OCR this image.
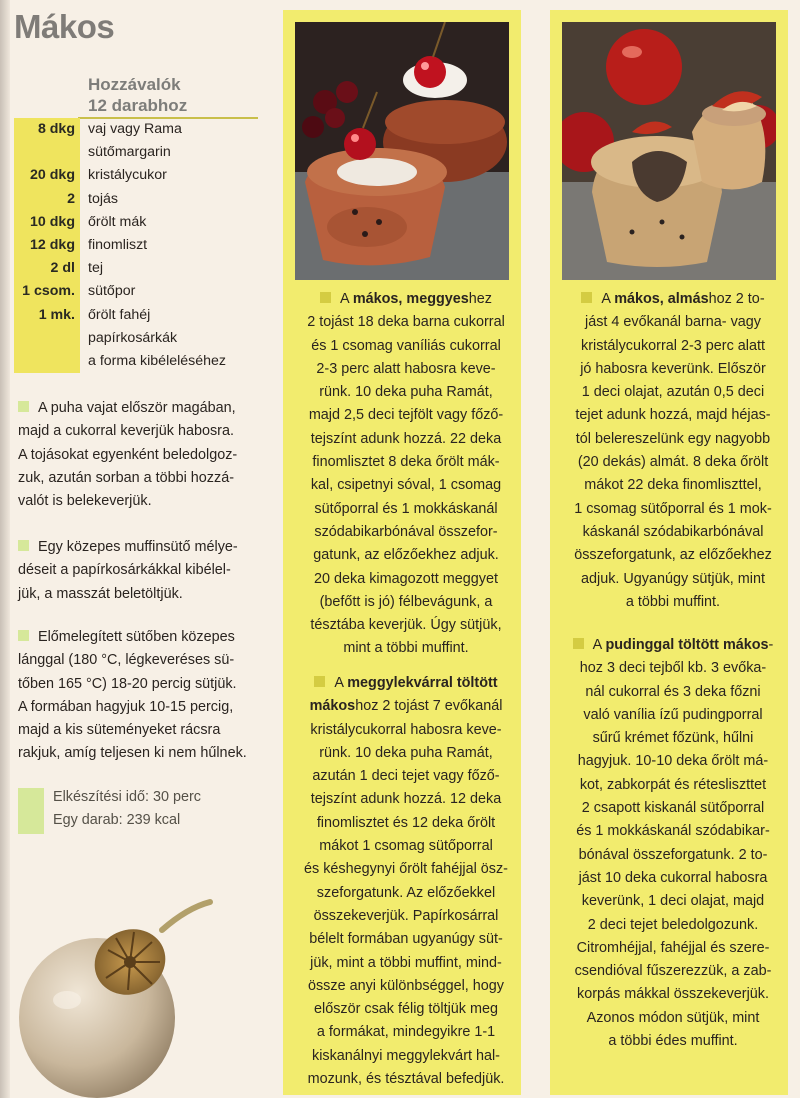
Mákos
Hozzávalók
12 darabhoz
8 dkg vaj vagy Rama
sütőmargarin
20 dkg kristálycukor
2 tojás
10 dkg őrölt mák
12 dkg finomliszt
2 dl tej
1 csom. sütőpor
1 mk. őrölt fahéj
papírkosárkák
a forma kibéleléséhez
A puha vajat először magában,
majd a cukorral keverjük habosra.
A tojásokat egyenként beledolgoz-
zuk, azután sorban a többi hozzá-
valót is belekeverjük.
Egy közepes muffinsütő mélye-
déseit a papírkosárkákkal kibélel-
jük, a masszát beletöltjük.
Előmelegített sütőben közepes
lánggal (180 °C, légkeveréses sü-
tőben 165 °C) 18-20 percig sütjük.
A formában hagyjuk 10-15 percig,
majd a kis süteményeket rácsra
rakjuk, amíg teljesen ki nem hűlnek.
Elkészítési idő: 30 perc
Egy darab: 239 kcal
A mákos, meggyeshez
2 tojást 18 deka barna cukorral
és 1 csomag vaníliás cukorral
2-3 perc alatt habosra keve-
rünk. 10 deka puha Ramát,
majd 2,5 deci tejfölt vagy főző-
tejszínt adunk hozzá. 22 deka
finomlisztet 8 deka őrölt mák-
kal, csipetnyi sóval, 1 csomag
sütőporral és 1 mokkáskanál
szódabikarbónával összefor-
gatunk, az előzőekhez adjuk.
20 deka kimagozott meggyet
(befőtt is jó) félbevágunk, a
tésztába keverjük. Úgy sütjük,
mint a többi muffint.
A meggylekvárral töltött
mákoshoz 2 tojást 7 evőkanál
kristálycukorral habosra keve-
rünk. 10 deka puha Ramát,
azután 1 deci tejet vagy főző-
tejszínt adunk hozzá. 12 deka
finomlisztet és 12 deka őrölt
mákot 1 csomag sütőporral
és késhegynyi őrölt fahéjjal ösz-
szeforgatunk. Az előzőekkel
összekeverjük. Papírkosárral
bélelt formában ugyanúgy süt-
jük, mint a többi muffint, mind-
össze anyi különbséggel, hogy
először csak félig töltjük meg
a formákat, mindegyikre 1-1
kiskanálnyi meggylekvárt hal-
mozunk, és tésztával befedjük.
A mákos, almáshoz 2 to-
jást 4 evőkanál barna- vagy
kristálycukorral 2-3 perc alatt
jó habosra keverünk. Először
1 deci olajat, azután 0,5 deci
tejet adunk hozzá, majd héjas-
tól belereszelünk egy nagyobb
(20 dekás) almát. 8 deka őrölt
mákot 22 deka finomliszttel,
1 csomag sütőporral és 1 mok-
káskanál szódabikarbónával
összeforgatunk, az előzőekhez
adjuk. Ugyanúgy sütjük, mint
a többi muffint.
A pudinggal töltött mákos-
hoz 3 deci tejből kb. 3 evőka-
nál cukorral és 3 deka főzni
való vanília ízű pudingporral
sűrű krémet főzünk, hűlni
hagyjuk. 10-10 deka őrölt má-
kot, zabkorpát és rétesliszttet
2 csapott kiskanál sütőporral
és 1 mokkáskanál szódabikar-
bónával összeforgatunk. 2 to-
jást 10 deka cukorral habosra
keverünk, 1 deci olajat, majd
2 deci tejet beledolgozunk.
Citromhéjjal, fahéjjal és szere-
csendióval fűszerezzük, a zab-
korpás mákkal összekeverjük.
Azonos módon sütjük, mint
a többi édes muffint.
